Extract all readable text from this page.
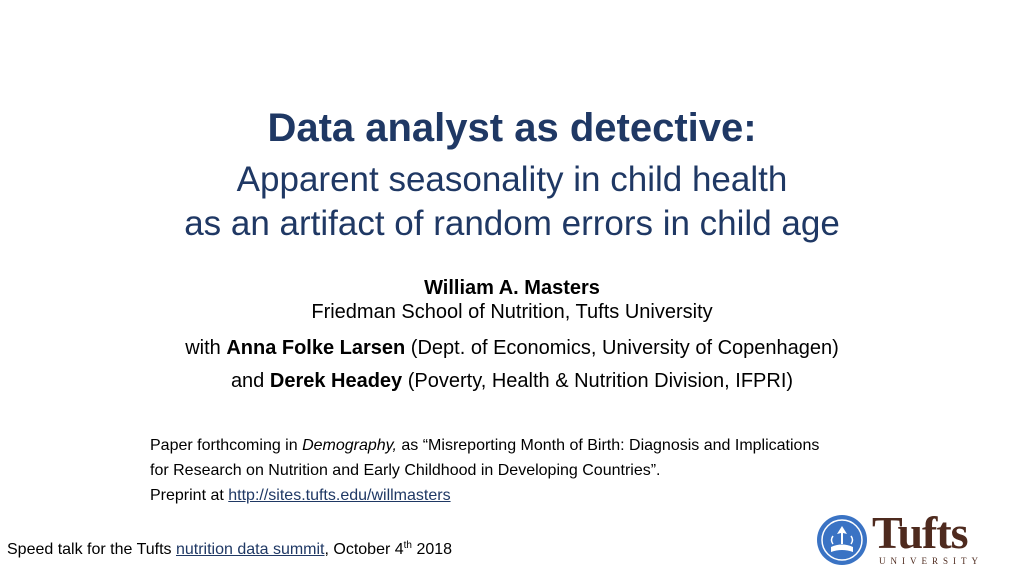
Data analyst as detective:
Apparent seasonality in child health
as an artifact of random errors in child age
William A. Masters
Friedman School of Nutrition, Tufts University
with Anna Folke Larsen (Dept. of Economics, University of Copenhagen)
and Derek Headey (Poverty, Health & Nutrition Division, IFPRI)
Paper forthcoming in Demography, as “Misreporting Month of Birth: Diagnosis and Implications
for Research on Nutrition and Early Childhood in Developing Countries”.
Preprint at http://sites.tufts.edu/willmasters
Speed talk for the Tufts nutrition data summit, October 4th 2018	Tufts
UNIVERSITY
